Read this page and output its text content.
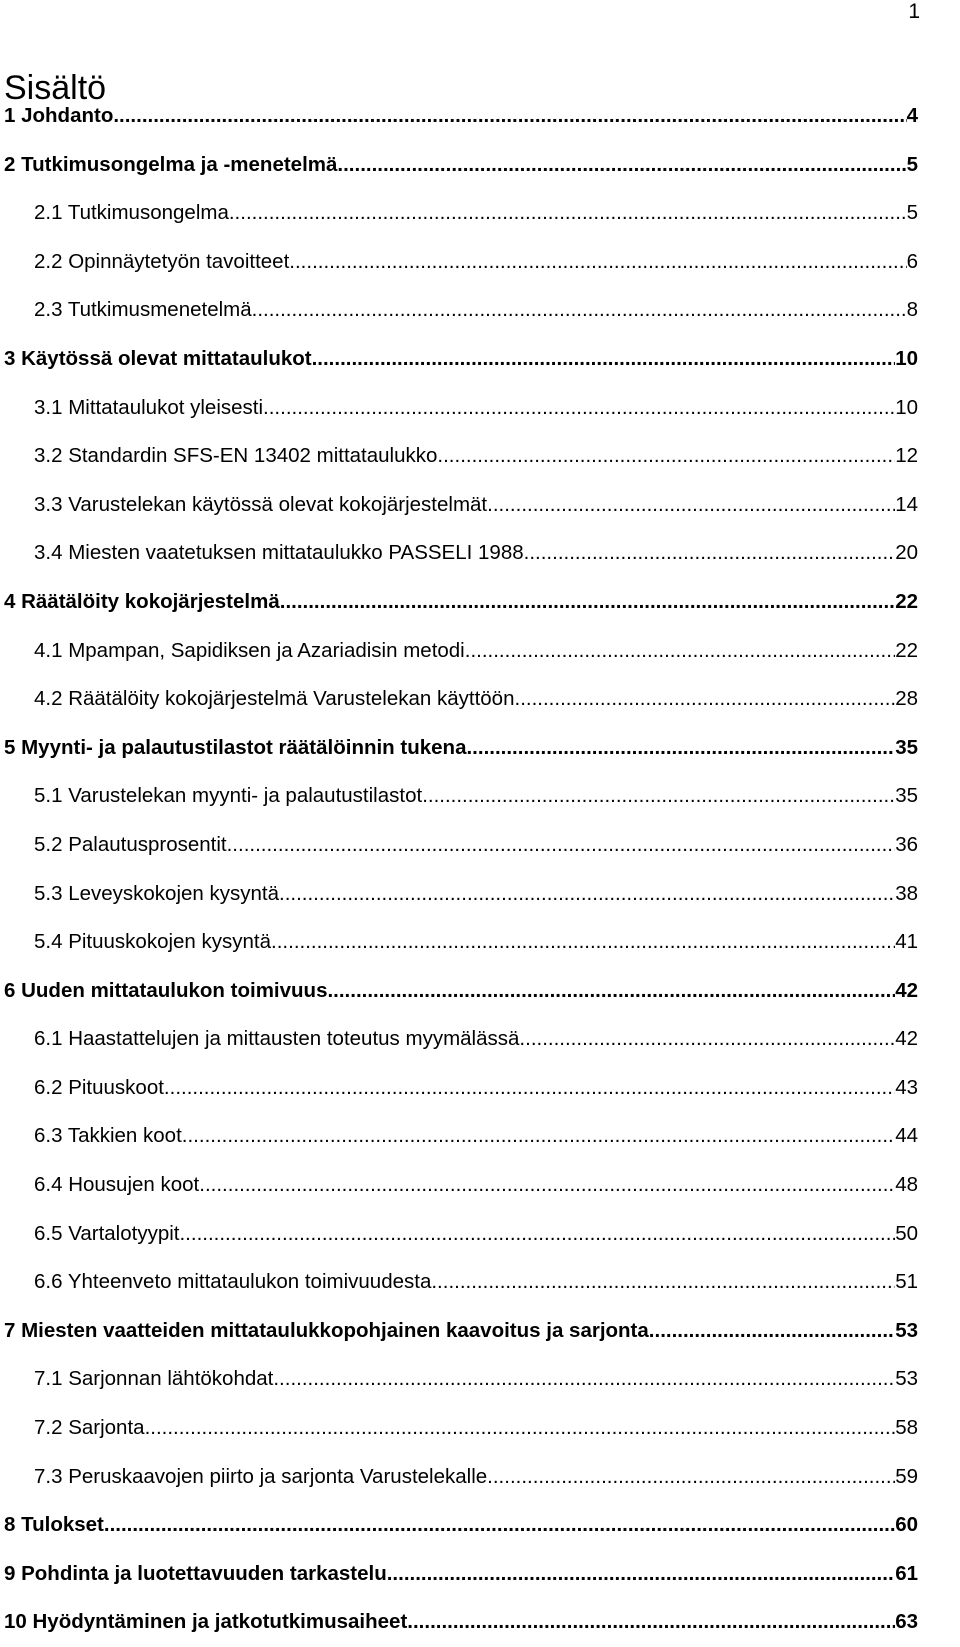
1
Sisältö
1 Johdanto .....	4
2 Tutkimusongelma ja -menetelmä .....	5
2.1 Tutkimusongelma .....	5
2.2 Opinnäytetyön tavoitteet .....	6
2.3 Tutkimusmenetelmä .....	8
3 Käytössä olevat mittataulukot .....	10
3.1 Mittataulukot yleisesti .....	10
3.2 Standardin SFS-EN 13402 mittataulukko .....	12
3.3 Varustelekan käytössä olevat kokojärjestelmät .....	14
3.4 Miesten vaatetuksen mittataulukko PASSELI 1988 .....	20
4 Räätälöity kokojärjestelmä .....	22
4.1 Mpampan, Sapidiksen ja Azariadisin metodi .....	22
4.2 Räätälöity kokojärjestelmä Varustelekan käyttöön .....	28
5 Myynti- ja palautustilastot räätälöinnin tukena .....	35
5.1 Varustelekan myynti- ja palautustilastot .....	35
5.2 Palautusprosentit .....	36
5.3 Leveyskokojen kysyntä .....	38
5.4 Pituuskokojen kysyntä .....	41
6 Uuden mittataulukon toimivuus .....	42
6.1 Haastattelujen ja mittausten toteutus myymälässä .....	42
6.2 Pituuskoot .....	43
6.3 Takkien koot .....	44
6.4 Housujen koot .....	48
6.5 Vartalotyypit .....	50
6.6 Yhteenveto mittataulukon toimivuudesta .....	51
7 Miesten vaatteiden mittataulukkopohjainen kaavoitus ja sarjonta .....	53
7.1 Sarjonnan lähtökohdat .....	53
7.2 Sarjonta .....	58
7.3 Peruskaavojen piirto ja sarjonta Varustelekalle .....	59
8 Tulokset .....	60
9 Pohdinta ja luotettavuuden tarkastelu .....	61
10 Hyödyntäminen ja jatkotutkimusaiheet .....	63
